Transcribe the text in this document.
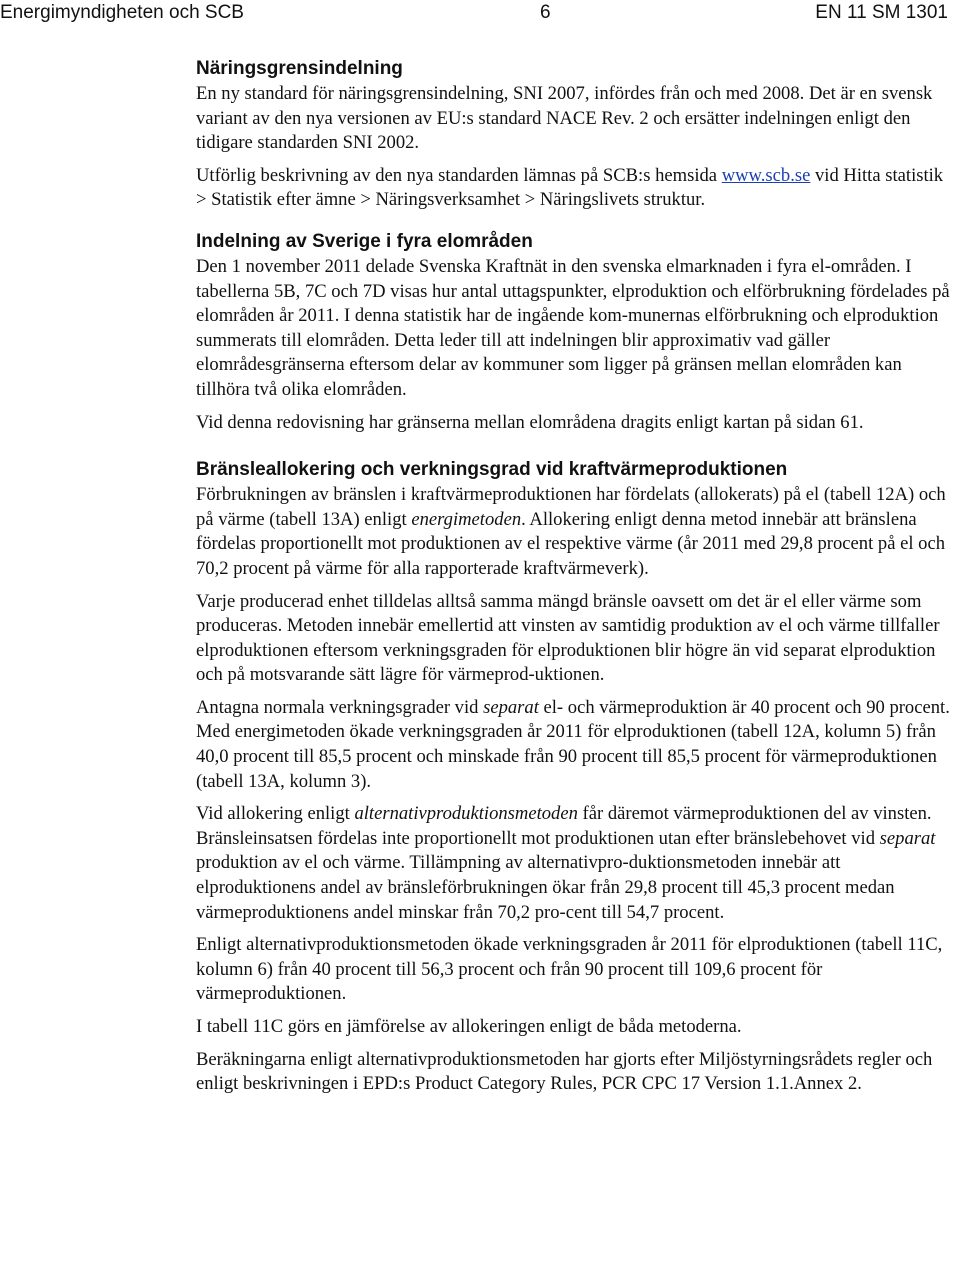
Energimyndigheten och SCB	6	EN 11 SM 1301
Näringsgrensindelning

En ny standard för näringsgrensindelning, SNI 2007, infördes från och med 2008. Det är en svensk variant av den nya versionen av EU:s standard NACE Rev. 2 och ersätter indelningen enligt den tidigare standarden SNI 2002.

Utförlig beskrivning av den nya standarden lämnas på SCB:s hemsida www.scb.se vid Hitta statistik > Statistik efter ämne > Näringsverksamhet > Näringslivets struktur.

Indelning av Sverige i fyra elområden

Den 1 november 2011 delade Svenska Kraftnät in den svenska elmarknaden i fyra el-områden. I tabellerna 5B, 7C och 7D visas hur antal uttagspunkter, elproduktion och elförbrukning fördelades på elområden år 2011. I denna statistik har de ingående kom-munernas elförbrukning och elproduktion summerats till elområden. Detta leder till att indelningen blir approximativ vad gäller elområdesgränserna eftersom delar av kommuner som ligger på gränsen mellan elområden kan tillhöra två olika elområden.

Vid denna redovisning har gränserna mellan elområdena dragits enligt kartan på sidan 61.

Bränsleallokering och verkningsgrad vid kraftvärmeproduktionen

Förbrukningen av bränslen i kraftvärmeproduktionen har fördelats (allokerats) på el (tabell 12A) och på värme (tabell 13A) enligt energimetoden. Allokering enligt denna metod innebär att bränslena fördelas proportionellt mot produktionen av el respektive värme (år 2011 med 29,8 procent på el och 70,2 procent på värme för alla rapporterade kraftvärmeverk).

Varje producerad enhet tilldelas alltså samma mängd bränsle oavsett om det är el eller värme som produceras. Metoden innebär emellertid att vinsten av samtidig produktion av el och värme tillfaller elproduktionen eftersom verkningsgraden för elproduktionen blir högre än vid separat elproduktion och på motsvarande sätt lägre för värmeprod-uktionen.

Antagna normala verkningsgrader vid separat el- och värmeproduktion är 40 procent och 90 procent. Med energimetoden ökade verkningsgraden år 2011 för elproduktionen (tabell 12A, kolumn 5) från 40,0 procent till 85,5 procent och minskade från 90 procent till 85,5 procent för värmeproduktionen (tabell 13A, kolumn 3).

Vid allokering enligt alternativproduktionsmetoden får däremot värmeproduktionen del av vinsten. Bränsleinsatsen fördelas inte proportionellt mot produktionen utan efter bränslebehovet vid separat produktion av el och värme. Tillämpning av alternativpro-duktionsmetoden innebär att elproduktionens andel av bränsleförbrukningen ökar från 29,8 procent till 45,3 procent medan värmeproduktionens andel minskar från 70,2 pro-cent till 54,7 procent.

Enligt alternativproduktionsmetoden ökade verkningsgraden år 2011 för elproduktionen (tabell 11C, kolumn 6) från 40 procent till 56,3 procent och från 90 procent till 109,6 procent för värmeproduktionen.

I tabell 11C görs en jämförelse av allokeringen enligt de båda metoderna.

Beräkningarna enligt alternativproduktionsmetoden har gjorts efter Miljöstyrningsrådets regler och enligt beskrivningen i EPD:s Product Category Rules, PCR CPC 17 Version 1.1.Annex 2.
